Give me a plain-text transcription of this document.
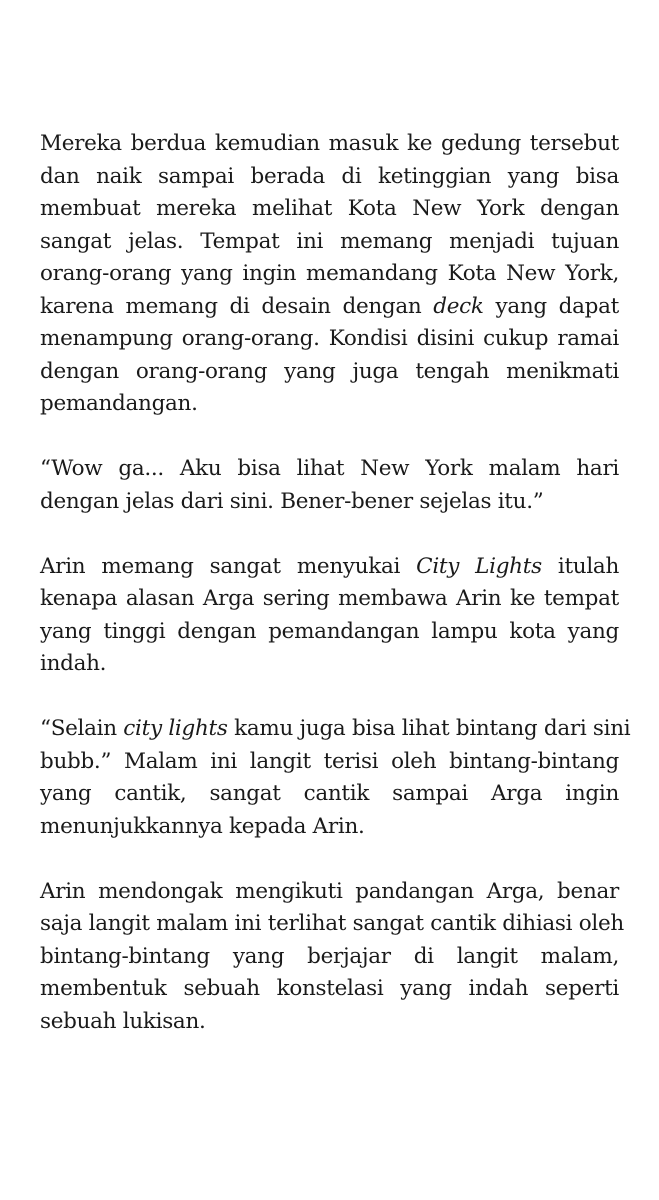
Mereka berdua kemudian masuk ke gedung tersebut
dan naik sampai berada di ketinggian yang bisa
membuat mereka melihat Kota New York dengan
sangat jelas. Tempat ini memang menjadi tujuan
orang-orang yang ingin memandang Kota New York,
karena memang di desain dengan deck yang dapat
menampung orang-orang. Kondisi disini cukup ramai
dengan orang-orang yang juga tengah menikmati
pemandangan.
“Wow ga... Aku bisa lihat New York malam hari
dengan jelas dari sini. Bener-bener sejelas itu.”
Arin memang sangat menyukai City Lights itulah
kenapa alasan Arga sering membawa Arin ke tempat
yang tinggi dengan pemandangan lampu kota yang
indah.
“Selain city lights kamu juga bisa lihat bintang dari sini
bubb.” Malam ini langit terisi oleh bintang-bintang
yang cantik, sangat cantik sampai Arga ingin
menunjukkannya kepada Arin.
Arin mendongak mengikuti pandangan Arga, benar
saja langit malam ini terlihat sangat cantik dihiasi oleh
bintang-bintang yang berjajar di langit malam,
membentuk sebuah konstelasi yang indah seperti
sebuah lukisan.
